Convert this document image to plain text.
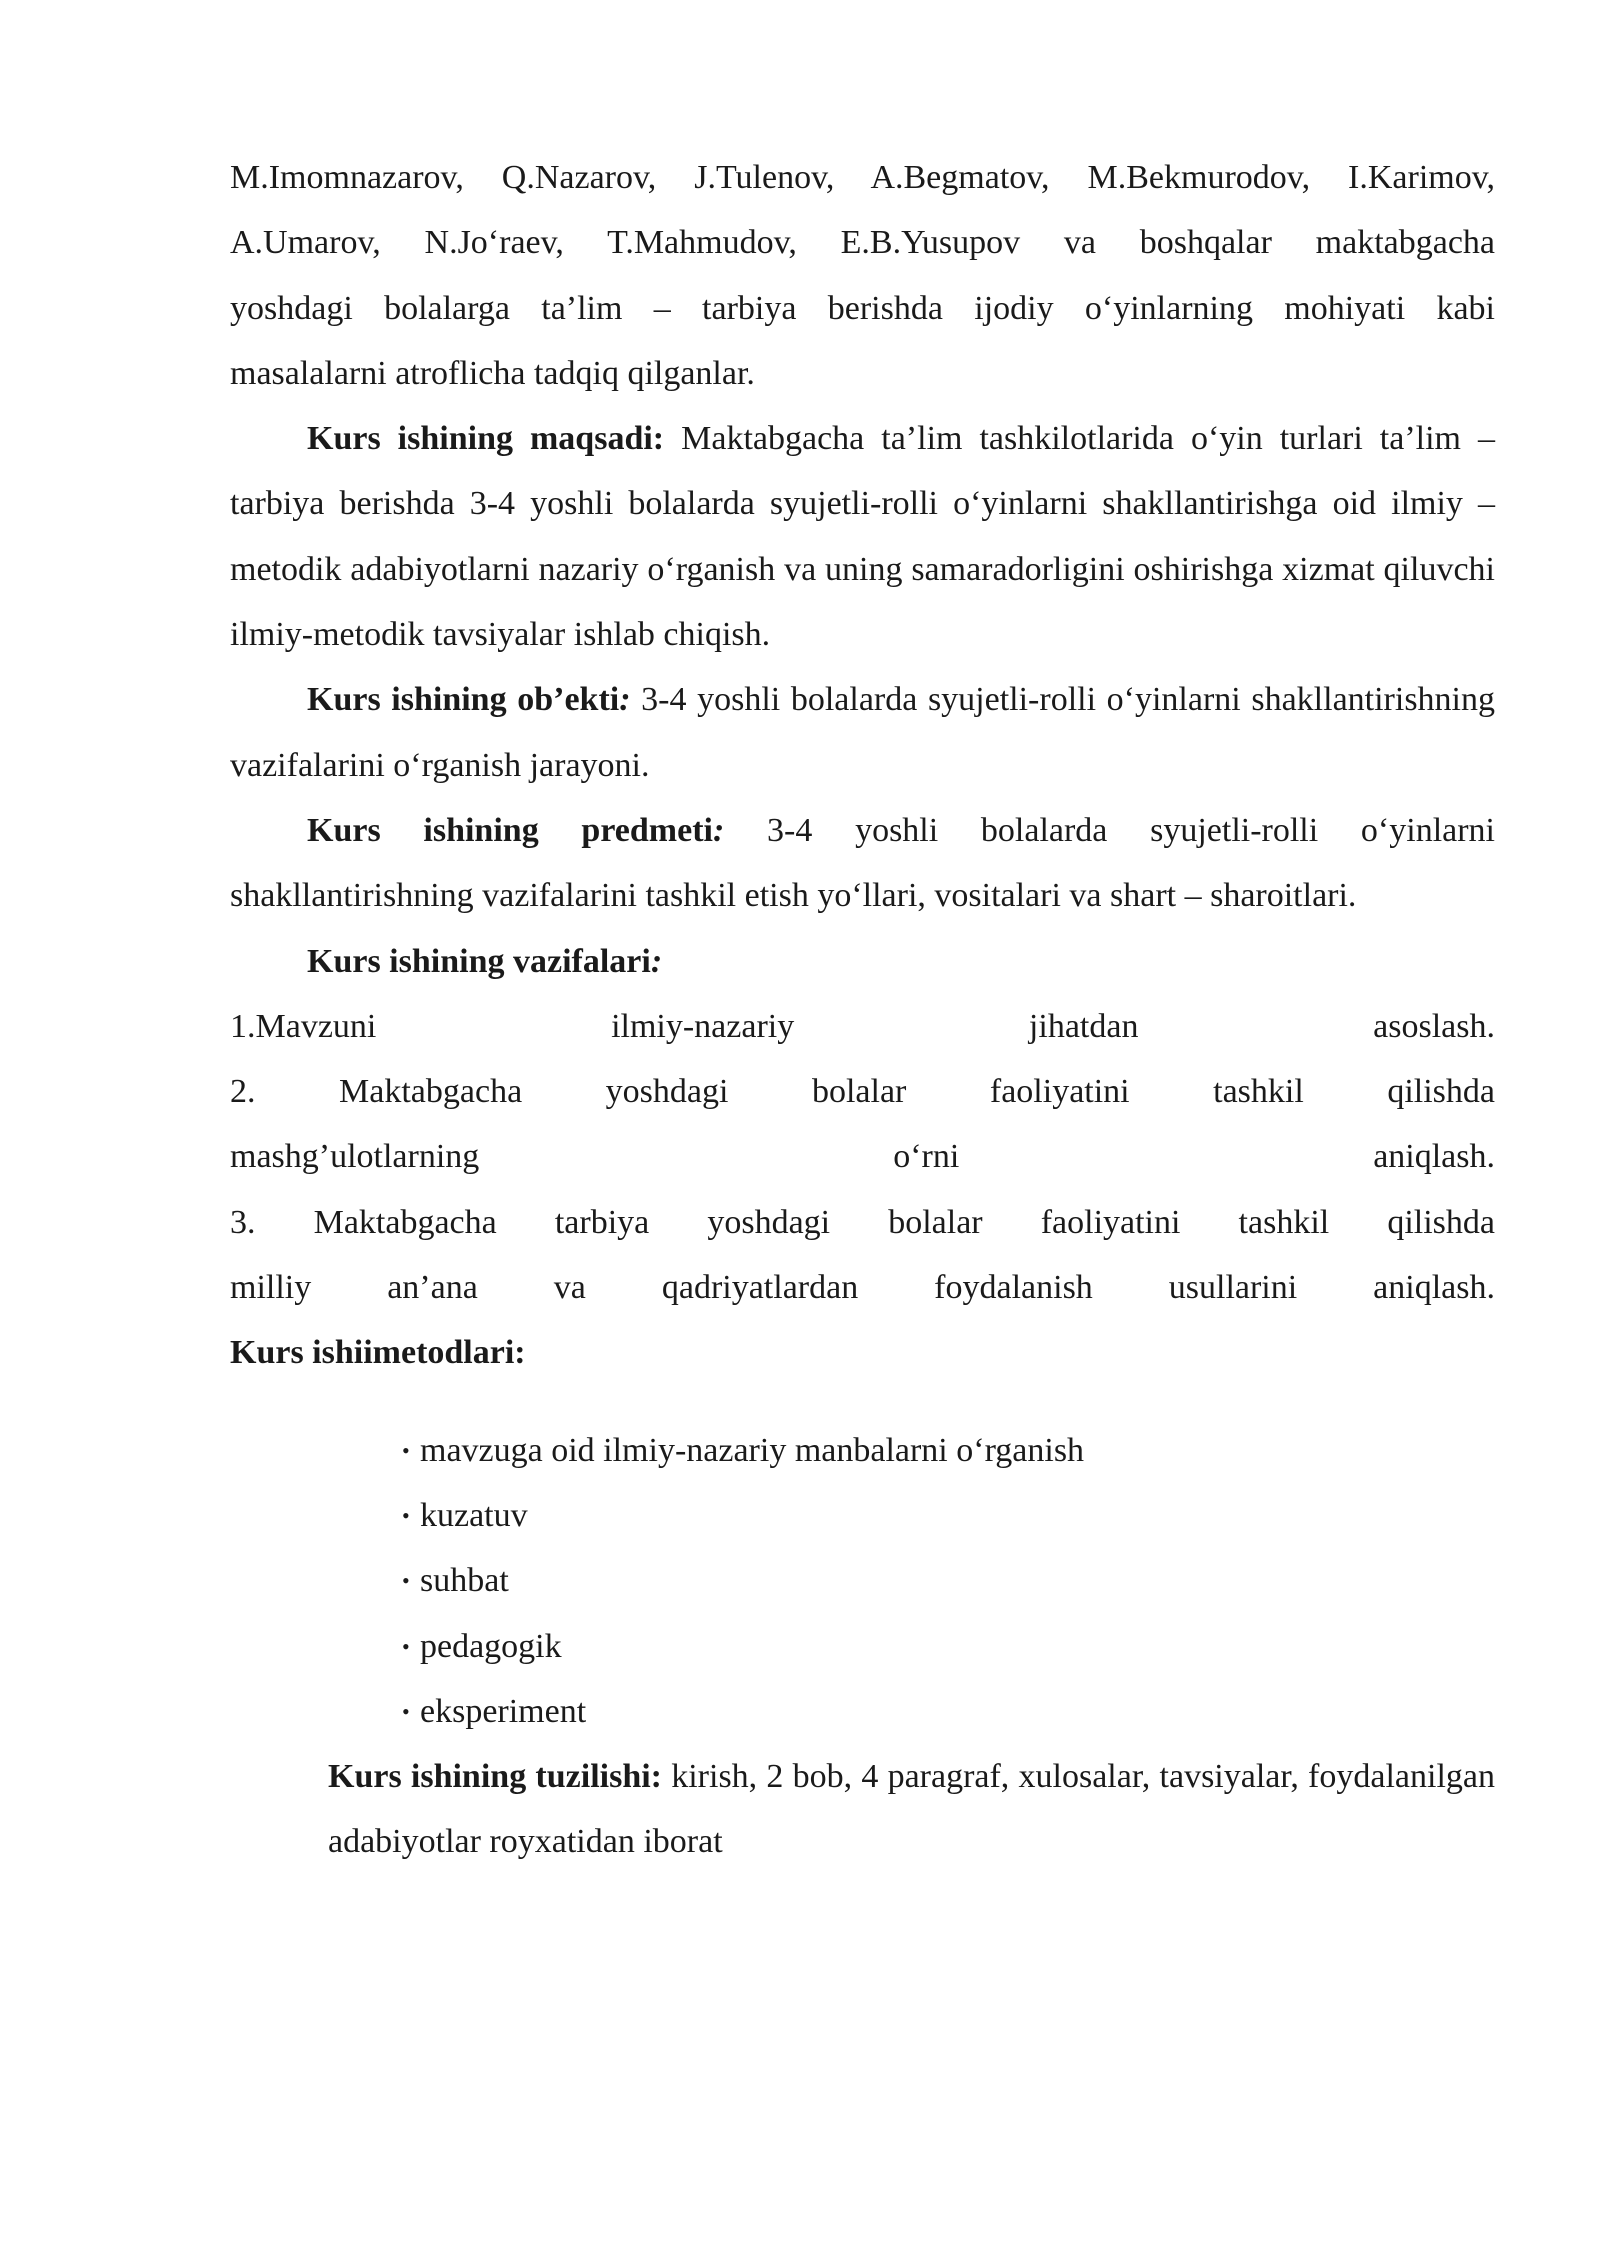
M.Imomnazarov, Q.Nazarov, J.Tulenov, A.Begmatov, M.Bekmurodov, I.Karimov,

A.Umarov, N.Jo‘raev, T.Mahmudov, E.B.Yusupov va boshqalar maktabgacha

yoshdagi bolalarga ta’lim – tarbiya berishda ijodiy o‘yinlarning mohiyati kabi

masalalarni atroflicha tadqiq qilganlar.

Kurs ishining maqsadi: Maktabgacha ta’lim tashkilotlarida o‘yin turlari ta’lim –tarbiya berishda 3-4 yoshli bolalarda syujetli-rolli o‘yinlarni shakllantirishga oid ilmiy – metodik adabiyotlarni nazariy o‘rganish va uning samaradorligini oshirishga xizmat qiluvchi ilmiy-metodik tavsiyalar ishlab chiqish.

Kurs ishining ob’ekti: 3-4 yoshli bolalarda syujetli-rolli o‘yinlarni shakllantirishning vazifalarini o‘rganish jarayoni.

Kurs ishining predmeti: 3-4 yoshli bolalarda syujetli-rolli o‘yinlarni shakllantirishning vazifalarini tashkil etish yo‘llari, vositalari va shart – sharoitlari.

Kurs ishining vazifalari:

1.Mavzuni ilmiy-nazariy jihatdan asoslash.

2. Maktabgacha yoshdagi bolalar faoliyatini tashkil qilishda

mashg’ulotlarning o‘rni aniqlash.

3. Maktabgacha tarbiya yoshdagi bolalar faoliyatini tashkil qilishda

milliy an’ana va qadriyatlardan foydalanish usullarini aniqlash.

Kurs ishiimetodlari:

• mavzuga oid ilmiy-nazariy manbalarni o‘rganish
• kuzatuv
• suhbat
• pedagogik
• eksperiment

Kurs ishining tuzilishi: kirish, 2 bob, 4 paragraf, xulosalar, tavsiyalar, foydalanilgan adabiyotlar royxatidan iborat
